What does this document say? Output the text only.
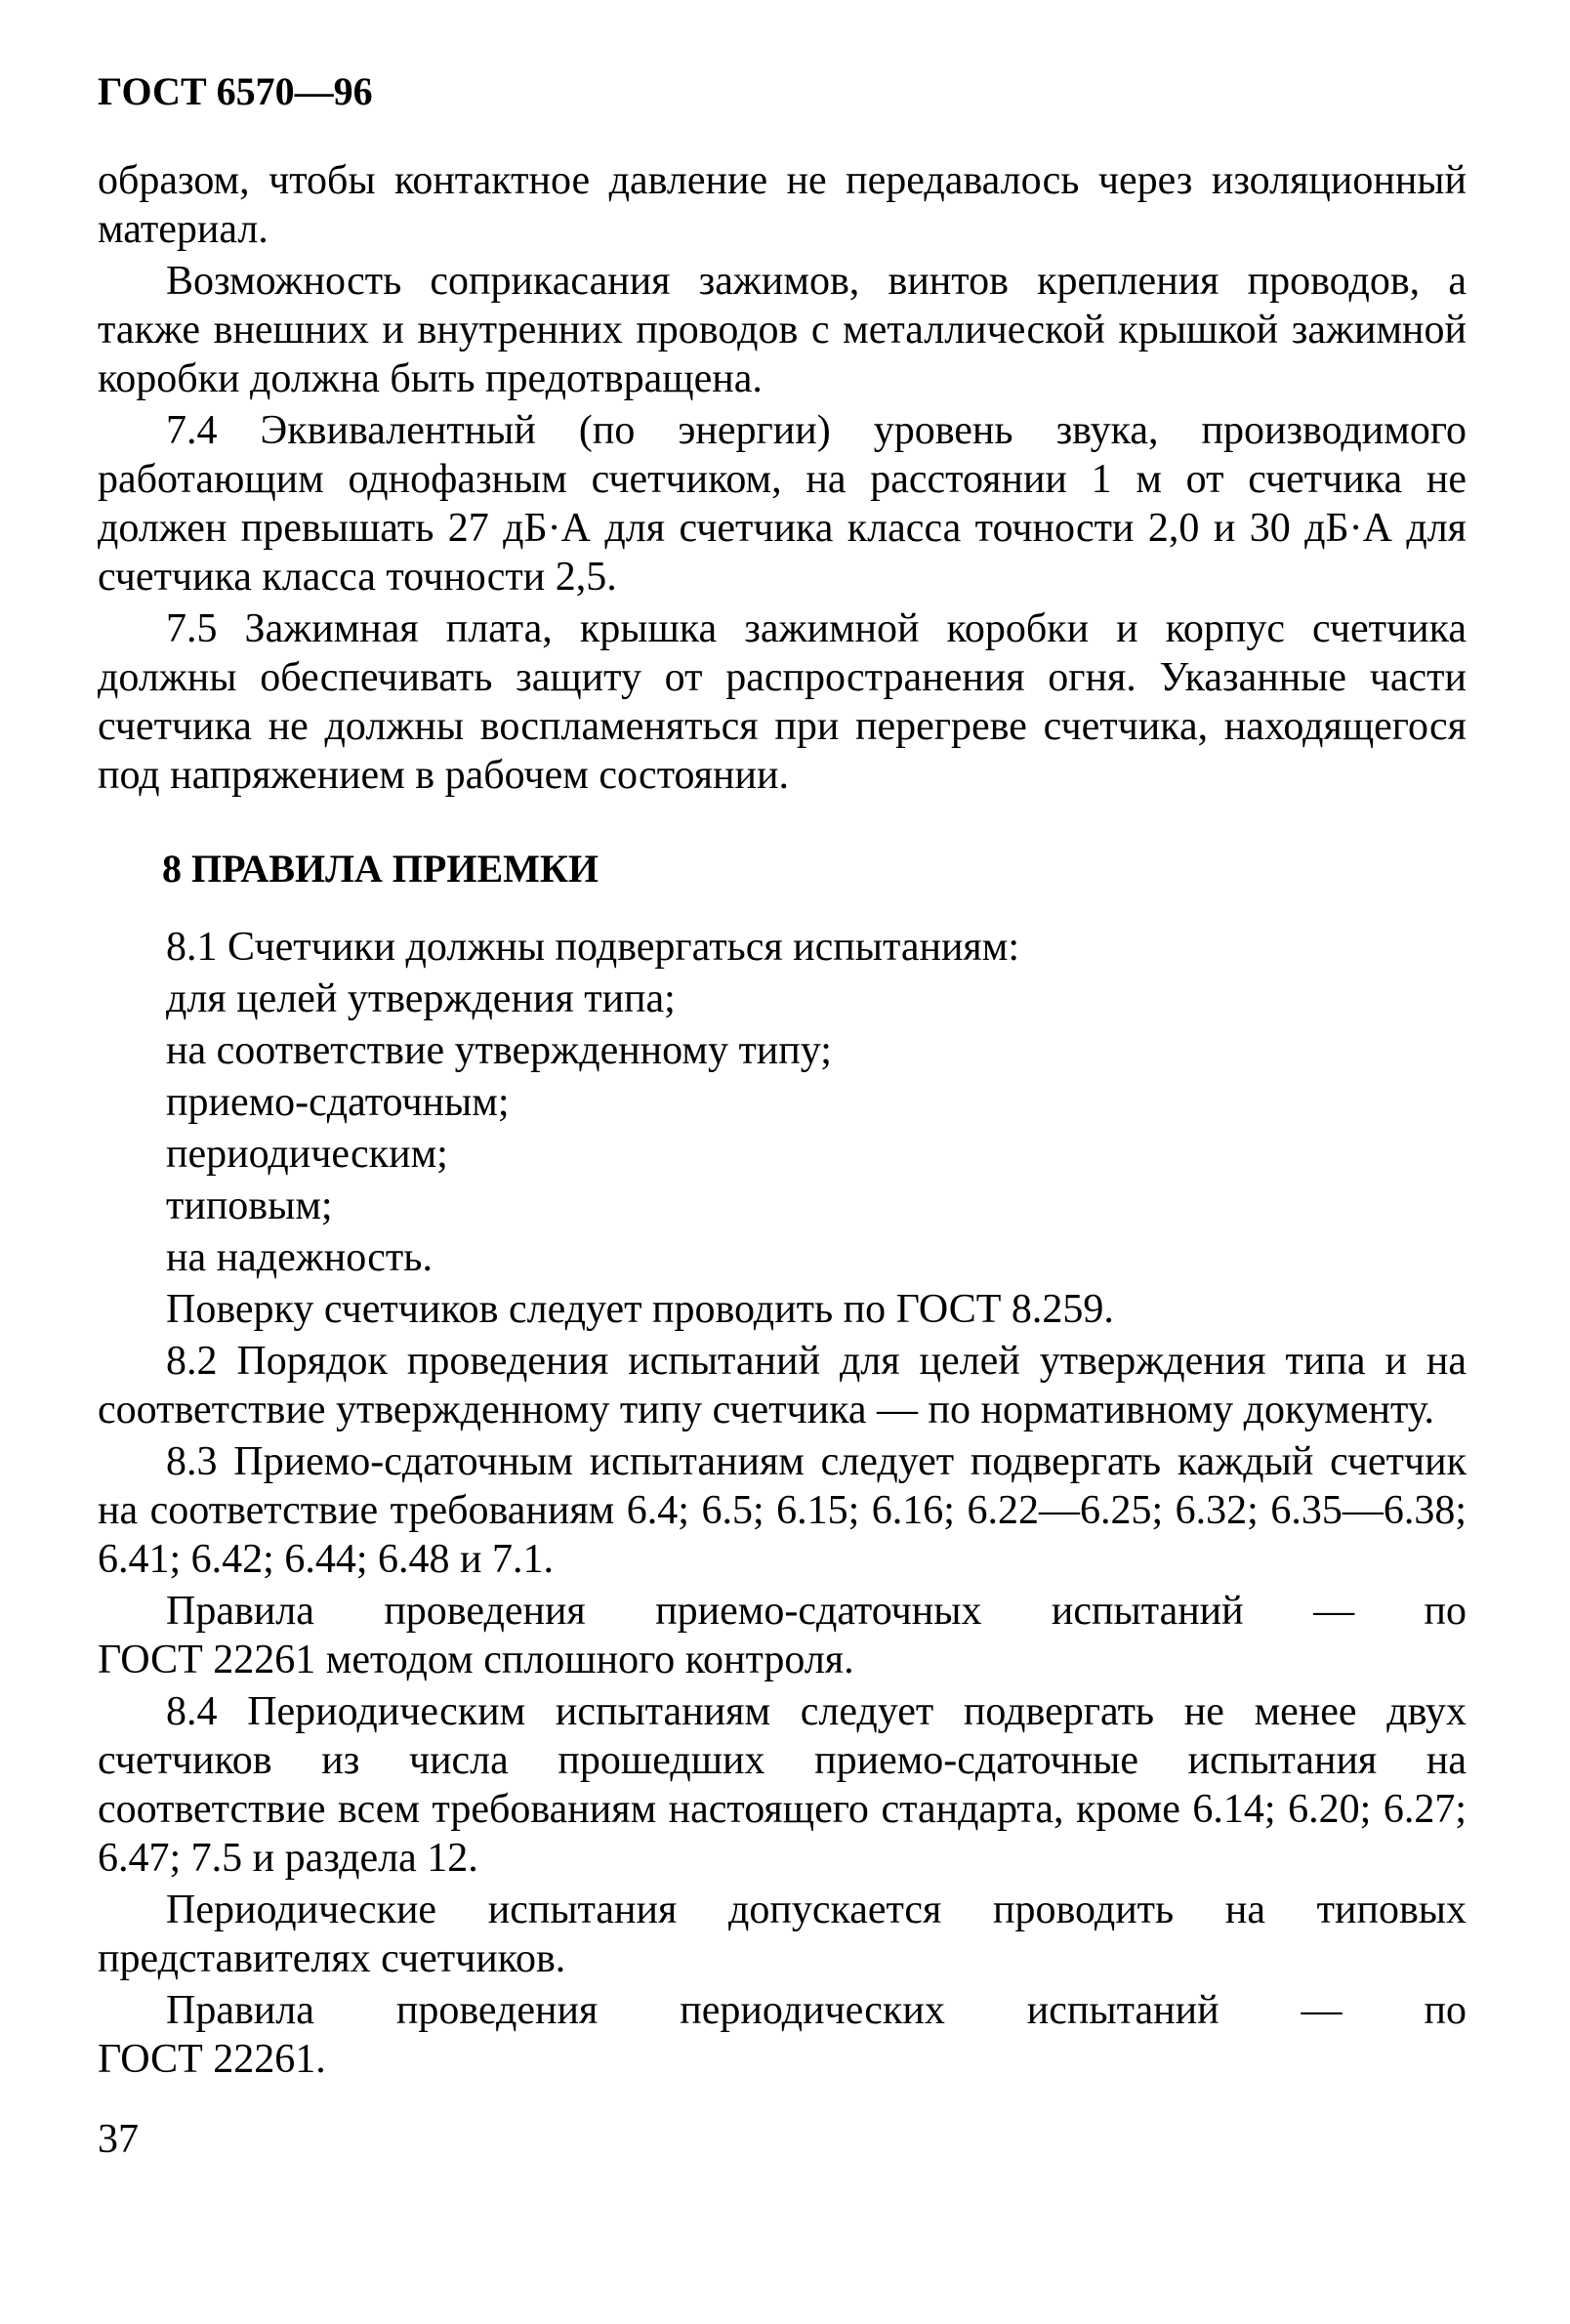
ГОСТ 6570—96

образом, чтобы контактное давление не передавалось через изоляционный материал.

Возможность соприкасания зажимов, винтов крепления проводов, а также внешних и внутренних проводов с металлической крышкой зажимной коробки должна быть предотвращена.

7.4 Эквивалентный (по энергии) уровень звука, производимого работающим однофазным счетчиком, на расстоянии 1 м от счетчика не должен превышать 27 дБ·А для счетчика класса точности 2,0 и 30 дБ·А для счетчика класса точности 2,5.

7.5 Зажимная плата, крышка зажимной коробки и корпус счетчика должны обеспечивать защиту от распространения огня. Указанные части счетчика не должны воспламеняться при перегреве счетчика, находящегося под напряжением в рабочем состоянии.

8 ПРАВИЛА ПРИЕМКИ

8.1 Счетчики должны подвергаться испытаниям:

для целей утверждения типа;
на соответствие утвержденному типу;
приемо-сдаточным;
периодическим;
типовым;
на надежность.

Поверку счетчиков следует проводить по ГОСТ 8.259.

8.2 Порядок проведения испытаний для целей утверждения типа и на соответствие утвержденному типу счетчика — по нормативному документу.

8.3 Приемо-сдаточным испытаниям следует подвергать каждый счетчик на соответствие требованиям 6.4; 6.5; 6.15; 6.16; 6.22—6.25; 6.32; 6.35—6.38; 6.41; 6.42; 6.44; 6.48 и 7.1.

Правила проведения приемо-сдаточных испытаний — по

ГОСТ 22261 методом сплошного контроля.

8.4 Периодическим испытаниям следует подвергать не менее двух счетчиков из числа прошедших приемо-сдаточные испытания на соответствие всем требованиям настоящего стандарта, кроме 6.14; 6.20; 6.27; 6.47; 7.5 и раздела 12.

Периодические испытания допускается проводить на типовых представителях счетчиков.

Правила проведения периодических испытаний — по

ГОСТ 22261.

37
